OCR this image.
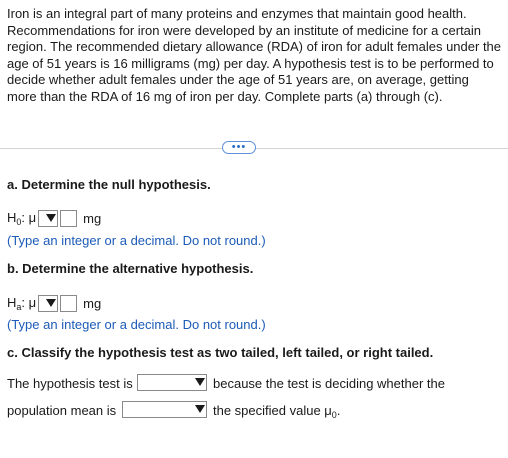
Iron is an integral part of many proteins and enzymes that maintain good health. Recommendations for iron were developed by an institute of medicine for a certain region. The recommended dietary allowance (RDA) of iron for adult females under the age of 51 years is 16 milligrams (mg) per day. A hypothesis test is to be performed to decide whether adult females under the age of 51 years are, on average, getting more than the RDA of 16 mg of iron per day. Complete parts (a) through (c).

•••
a. Determine the null hypothesis.
$H_0$: μ	mg
(Type an integer or a decimal. Do not round.)
b. Determine the alternative hypothesis.
$H_a$: μ	mg
(Type an integer or a decimal. Do not round.)
c. Classify the hypothesis test as two tailed, left tailed, or right tailed.
The hypothesis test is	because the test is deciding whether the
population mean is	the specified value $\mu_0$.
